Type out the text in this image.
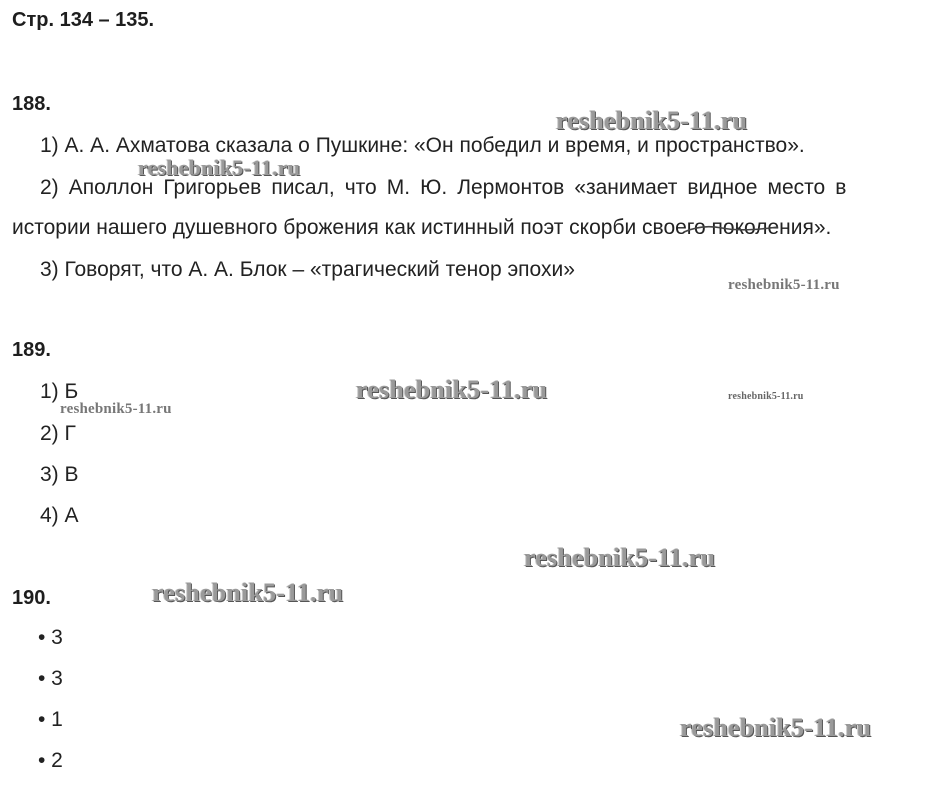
Стр. 134 – 135.
188.
1) А. А. Ахматова сказала о Пушкине: «Он победил и время, и пространство».
2) Аполлон Григорьев писал, что М. Ю. Лермонтов «занимает видное место в
истории нашего душевного брожения как истинный поэт скорби своего поколения».
3) Говорят, что А. А. Блок – «трагический тенор эпохи»
189.
1) Б
2) Г
3) В
4) А
190.
• 3
• 3
• 1
• 2
reshebnik5-11.ru
reshebnik5-11.ru
reshebnik5-11.ru
reshebnik5-11.ru
reshebnik5-11.ru
reshebnik5-11.ru
reshebnik5-11.ru
reshebnik5-11.ru
reshebnik5-11.ru
